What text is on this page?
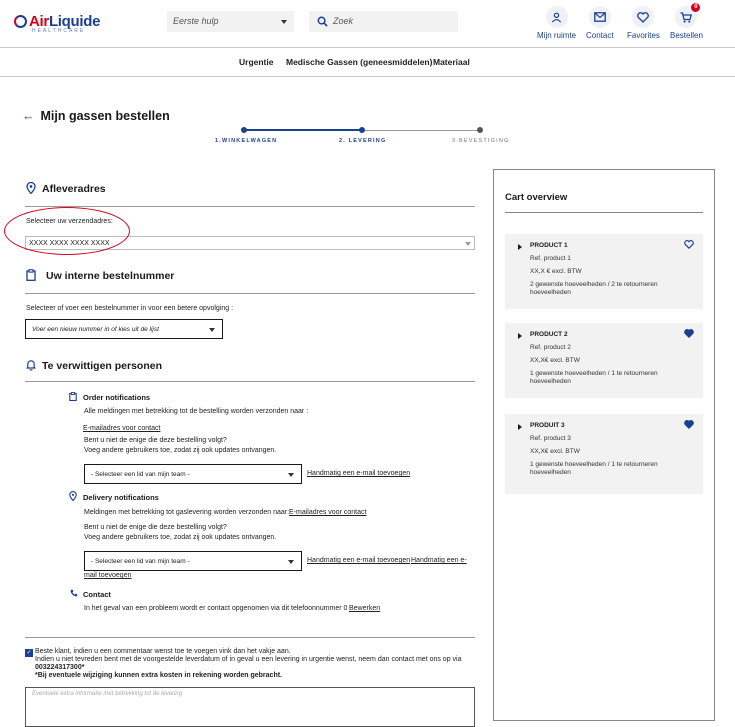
AirLiquide
HEALTHCARE
Eerste hulp	Zoek
Mijn ruimte Contact Favorites
0
Bestellen
Urgentie Medische Gassen (geneesmiddelen) Materiaal
← Mijn gassen bestellen
1.WINKELWAGEN	2. LEVERING	3.BEVESTIGING
Afleveradres
Selecteer uw verzendadres:
XXXX XXXX XXXX XXXX
Uw interne bestelnummer
Selecteer of voer een bestelnummer in voor een betere opvolging :
Voer een nieuw nummer in of kies uit de lijst
Te verwittigen personen
Order notifications
Alle meldingen met betrekking tot de bestelling worden verzonden naar :
E-mailadres voor contact
Bent u niet de enige die deze bestelling volgt?
Voeg andere gebruikers toe, zodat zij ook updates ontvangen.
- Selecteer een lid van mijn team -	Handmatig een e-mail toevoegen
Delivery notifications
Meldingen met betrekking tot gaslevering worden verzonden naar: E-mailadres voor contact
Bent u niet de enige die deze bestelling volgt?
Voeg andere gebruikers toe, zodat zij ook updates ontvangen.
- Selecteer een lid van mijn team -	Handmatig een e-mail toevoegen Handmatig een e-
mail toevoegen
Contact
In het geval van een probleem wordt er contact opgenomen via dit telefoonnummer 0 Bewerken
✓ Beste klant, indien u een commentaar wenst toe te voegen vink dan het vakje aan.
Indien u niet tevreden bent met de voorgestelde leverdatum of in geval u een levering in urgentie wenst, neem dan contact met ons op via
003224317300*
*Bij eventuele wijziging kunnen extra kosten in rekening worden gebracht.
Eventuele extra informatie met betrekking tot de levering
Cart overview
PRODUCT 1
Ref. product 1
XX,X € excl. BTW
2 gewenste hoeveelheden / 2 te retourneren hoeveelheden
PRODUCT 2
Ref. product 2
XX,X€ excl. BTW
1 gewenste hoeveelheden / 1 te retourneren hoeveelheden
PRODUIT 3
Ref. product 3
XX,X€ excl. BTW
1 gewenste hoeveelheden / 1 te retourneren hoeveelheden
